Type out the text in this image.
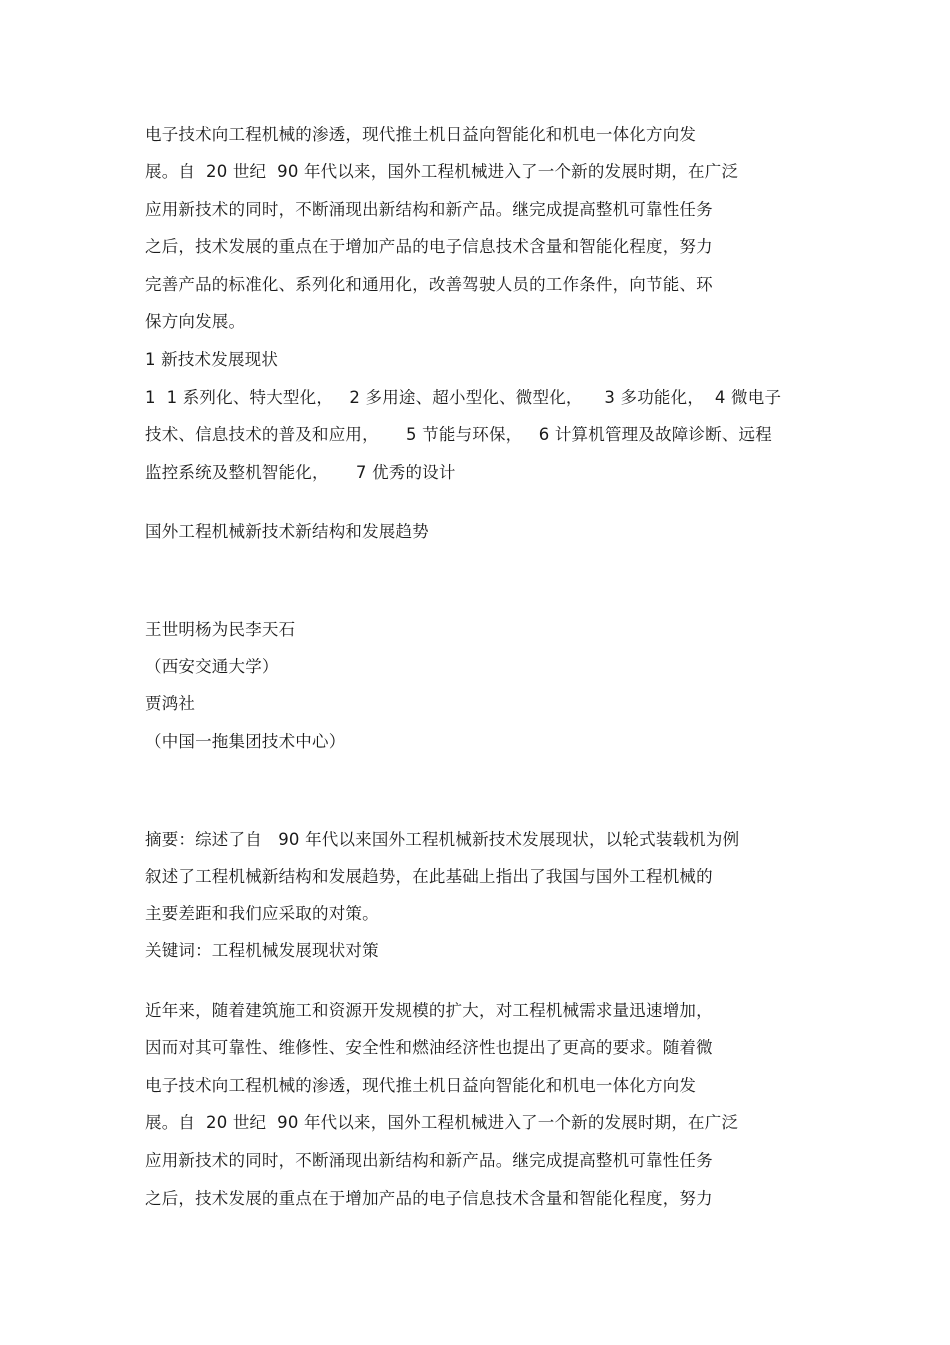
电子技术向工程机械的渗透，现代推土机日益向智能化和机电一体化方向发
展。自  20 世纪  90 年代以来，国外工程机械进入了一个新的发展时期，在广泛
应用新技术的同时，不断涌现出新结构和新产品。继完成提高整机可靠性任务
之后，技术发展的重点在于增加产品的电子信息技术含量和智能化程度，努力
完善产品的标准化、系列化和通用化，改善驾驶人员的工作条件，向节能、环
保方向发展。
1 新技术发展现状
1  1 系列化、特大型化，   2 多用途、超小型化、微型化，    3 多功能化，  4 微电子
技术、信息技术的普及和应用，     5 节能与环保，   6 计算机管理及故障诊断、远程
监控系统及整机智能化，     7 优秀的设计
国外工程机械新技术新结构和发展趋势
王世明杨为民李天石
（西安交通大学）
贾鸿社
（中国一拖集团技术中心）
摘要：综述了自   90 年代以来国外工程机械新技术发展现状，以轮式装载机为例
叙述了工程机械新结构和发展趋势，在此基础上指出了我国与国外工程机械的
主要差距和我们应采取的对策。
关键词：工程机械发展现状对策
近年来，随着建筑施工和资源开发规模的扩大，对工程机械需求量迅速增加，
因而对其可靠性、维修性、安全性和燃油经济性也提出了更高的要求。随着微
电子技术向工程机械的渗透，现代推土机日益向智能化和机电一体化方向发
展。自  20 世纪  90 年代以来，国外工程机械进入了一个新的发展时期，在广泛
应用新技术的同时，不断涌现出新结构和新产品。继完成提高整机可靠性任务
之后，技术发展的重点在于增加产品的电子信息技术含量和智能化程度，努力
